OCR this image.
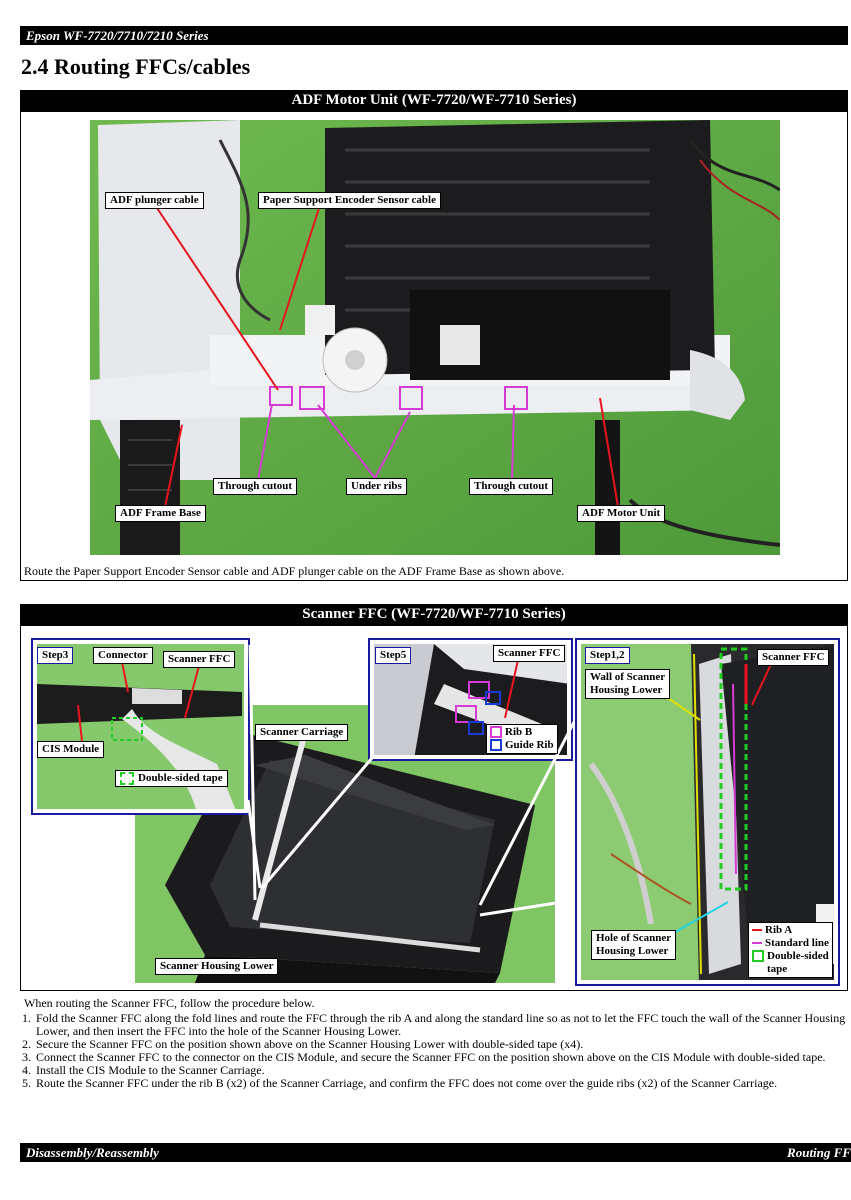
Epson WF-7720/7710/7210 Series
2.4 Routing FFCs/cables
ADF Motor Unit (WF-7720/WF-7710 Series)
ADF plunger cable	Paper Support Encoder Sensor cable
Through cutout	Under ribs	Through cutout
ADF Frame Base	ADF Motor Unit
Route the Paper Support Encoder Sensor cable and ADF plunger cable on the ADF Frame Base as shown above.
Scanner FFC (WF-7720/WF-7710 Series)
Step3	Connector	Scanner FFC
CIS Module
Double-sided tape
Scanner Carriage
Scanner Housing Lower
Step5	Scanner FFC
Rib B
Guide Rib
Step1,2	Scanner FFC
Wall of Scanner
Housing Lower
Hole of Scanner
Housing Lower
Rib A
Standard line
Double-sided
tape
When routing the Scanner FFC, follow the procedure below.
1. Fold the Scanner FFC along the fold lines and route the FFC through the rib A and along the standard line so as not to let the FFC touch the wall of the Scanner Housing Lower, and then insert the FFC into the hole of the Scanner Housing Lower.
2. Secure the Scanner FFC on the position shown above on the Scanner Housing Lower with double-sided tape (x4).
3. Connect the Scanner FFC to the connector on the CIS Module, and secure the Scanner FFC on the position shown above on the CIS Module with double-sided tape.
4. Install the CIS Module to the Scanner Carriage.
5. Route the Scanner FFC under the rib B (x2) of the Scanner Carriage, and confirm the FFC does not come over the guide ribs (x2) of the Scanner Carriage.
Disassembly/Reassembly	Routing FF
